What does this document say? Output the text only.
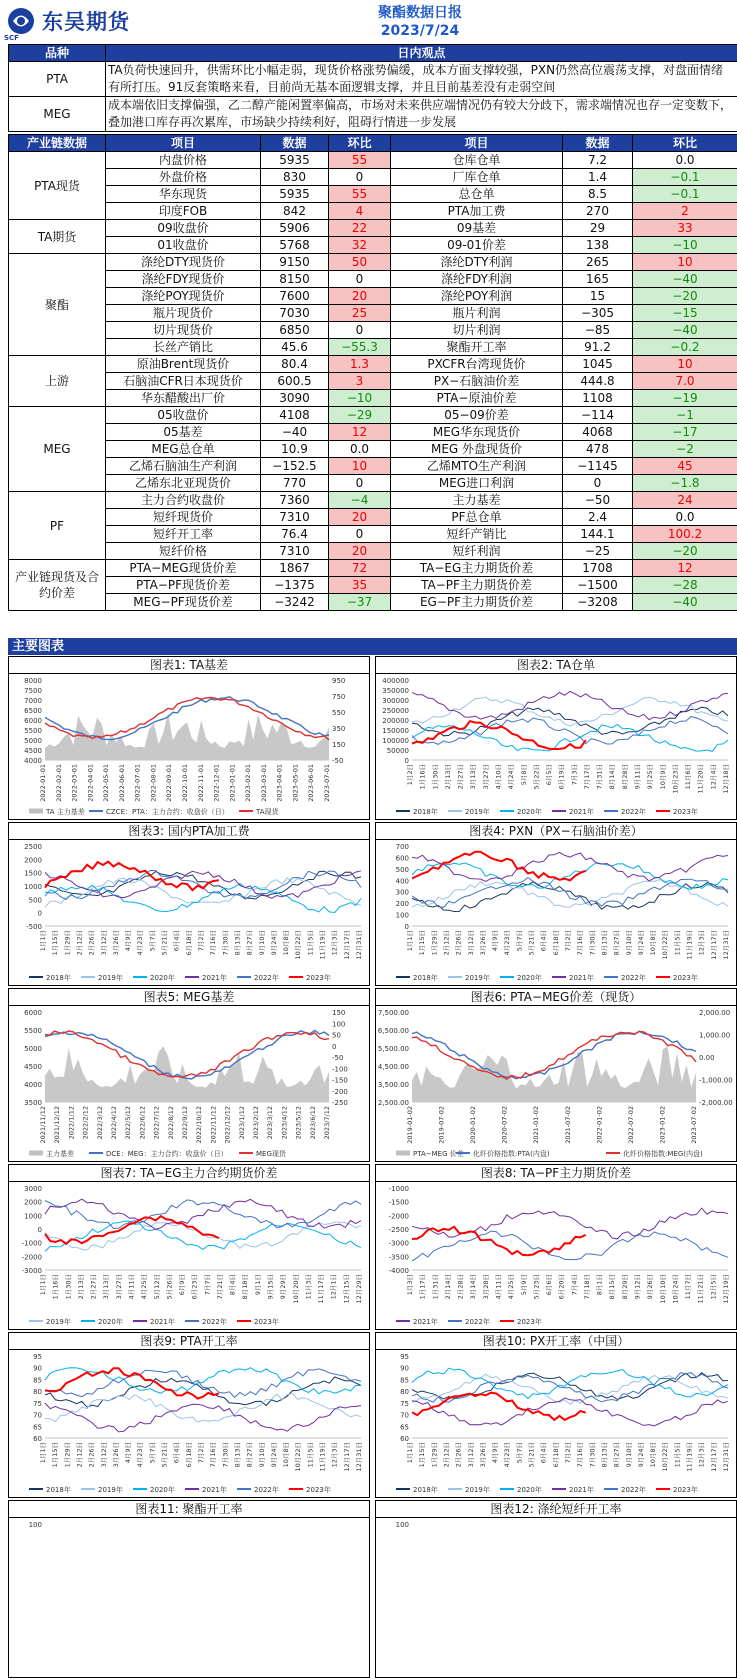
东吴期货
SCF
聚酯数据日报
2023/7/24
品种	日内观点
PTA	TA负荷快速回升，供需环比小幅走弱，现货价格涨势偏缓，成本方面支撑较强，PXN仍然高位震荡支撑，对盘面情绪有所打压。91反套策略来看，目前尚无基本面逻辑支撑，并且目前基差没有走弱空间
MEG	成本端依旧支撑偏强，乙二醇产能闲置率偏高，市场对未来供应端情况仍有较大分歧下，需求端情况也存一定变数下，叠加港口库存再次累库，市场缺少持续利好，阻碍行情进一步发展
产业链数据	项目	数据	环比	项目	数据	环比
PTA现货	内盘价格	5935	55	仓库仓单	7.2	0.0
	外盘价格	830	0	厂库仓单	1.4	−0.1
	华东现货	5935	55	总仓单	8.5	−0.1
	印度FOB	842	4	PTA加工费	270	2
TA期货	09收盘价	5906	22	09基差	29	33
	01收盘价	5768	32	09-01价差	138	−10
聚酯	涤纶DTY现货价	9150	50	涤纶DTY利润	265	10
	涤纶FDY现货价	8150	0	涤纶FDY利润	165	−40
	涤纶POY现货价	7600	20	涤纶POY利润	15	−20
	瓶片现货价	7030	25	瓶片利润	−305	−15
	切片现货价	6850	0	切片利润	−85	−40
	长丝产销比	45.6	−55.3	聚酯开工率	91.2	−0.2
上游	原油Brent现货价	80.4	1.3	PXCFR台湾现货价	1045	10
	石脑油CFR日本现货价	600.5	3	PX−石脑油价差	444.8	7.0
	华东醋酸出厂价	3090	−10	PTA−原油价差	1108	−19
MEG	05收盘价	4108	−29	05−09价差	−114	−1
	05基差	−40	12	MEG华东现货价	4068	−17
	MEG总仓单	10.9	0.0	MEG 外盘现货价	478	−2
	乙烯石脑油生产利润	−152.5	10	乙烯MTO生产利润	−1145	45
	乙烯东北亚现货价	770	0	MEG进口利润	0	−1.8
PF	主力合约收盘价	7360	−4	主力基差	−50	24
	短纤现货价	7310	20	PF总仓单	2.4	0.0
	短纤开工率	76.4	0	短纤产销比	144.1	100.2
	短纤价格	7310	20	短纤利润	−25	−20
产业链现货及合约价差	PTA−MEG现货价差	1867	72	TA−EG主力期货价差	1708	12
	PTA−PF现货价差	−1375	35	TA−PF主力期货价差	−1500	−28
	MEG−PF现货价差	−3242	−37	EG−PF主力期货价差	−3208	−40
主要图表
图表1: TA基差
8000
7500
7000
6500
6000
5500
5000
4500
4000
950
750
550
350
150
-50
2022-01-01 2022-02-01 2022-03-01 2022-04-01 2022-05-01 2022-06-01 2022-07-01 2022-08-01 2022-09-01 2022-10-01 2022-11-01 2022-12-01 2023-01-01 2023-02-01 2023-03-01 2023-04-01 2023-05-01 2023-06-01 2023-07-01
TA 主力基差	CZCE：PTA：主力合约：收盘价（日）	TA现货
图表2: TA仓单
400000
350000
300000
250000
200000
150000
100000
50000
0
1月2日 1月16日 1月30日 2月13日 2月27日 3月13日 3月27日 4月10日 4月24日 5月8日 5月22日 6月5日 6月19日 7月3日 7月17日 7月31日 8月14日 8月28日 9月11日 9月25日 10月9日 10月23日 11月6日 11月20日 12月4日 12月18日
2018年	2019年	2020年	2021年	2022年	2023年
图表3: 国内PTA加工费
2500
2000
1500
1000
500
0
-500
1月1日 1月15日 1月29日 2月12日 2月26日 3月12日 3月26日 4月9日 4月23日 5月7日 5月21日 6月4日 6月18日 7月2日 7月16日 7月30日 8月13日 8月27日 9月10日 9月24日 10月8日 10月22日 11月5日 11月19日 12月3日 12月17日 12月31日
2018年	2019年	2020年	2021年	2022年	2023年
图表4: PXN（PX−石脑油价差）
700
600
500
400
300
200
100
0
1月1日 1月15日 1月29日 2月12日 2月26日 3月12日 3月26日 4月9日 4月23日 5月7日 5月21日 6月4日 6月18日 7月2日 7月16日 7月30日 8月13日 8月27日 9月10日 9月24日 10月8日 10月22日 11月5日 11月19日 12月3日 12月17日 12月31日
2018年	2019年	2020年	2021年	2022年	2023年
图表5: MEG基差
6000
5500
5000
4500
4000
3500
150
100
50
0
-50
-100
-150
-200
-250
2021/11/12 2021/12/12 2022/1/12 2022/2/12 2022/3/12 2022/4/12 2022/5/12 2022/6/12 2022/7/12 2022/8/12 2022/9/12 2022/10/12 2022/11/12 2022/12/12 2023/1/12 2023/2/12 2023/3/12 2023/4/12 2023/5/12 2023/6/12 2023/7/12
主力基差	DCE：MEG：主力合约：收盘价（日）	MEG现货
图表6: PTA−MEG价差（现货）
7,500.00
6,500.00
5,500.00
4,500.00
3,500.00
2,500.00
2,000.00
1,000.00
0.00
-1,000.00
-2,000.00
2019-01-02	2019-07-02	2020-01-02	2020-07-02	2021-01-02	2021-07-02	2022-01-02	2022-07-02	2023-01-02	2023-07-02
PTA−MEG 价差 化纤价格指数:PTA(内盘)	化纤价格指数:MEG(内盘)
图表7: TA−EG主力合约期货价差
3000
2000
1000
0
-1000
-2000
-3000
1月1日 1月16日 1月30日 2月13日 2月27日 3月13日 3月27日 4月11日 4月25日 5月12日 5月26日 6月9日 6月23日 7月7日 7月21日 8月4日 8月18日 9月1日 9月15日 9月29日 10月20日 11月3日 11月17日 12月1日 12月15日 12月29日
2019年	2020年	2021年	2022年	2023年
图表8: TA−PF主力期货价差
-1000
-1500
-2000
-2500
-3000
-3500
-4000
1月3日 1月17日 1月31日 2月14日 2月28日 3月14日 3月28日 4月11日 4月25日 5月9日 5月23日 6月6日 6月20日 7月4日 7月18日 8月1日 8月15日 8月29日 9月12日 9月26日 10月10日 10月24日 11月7日 11月21日 12月5日 12月19日
2021年	2022年	2023年
图表9: PTA开工率
95
90
85
80
75
70
65
60
1月1日 1月15日 1月29日 2月12日 2月26日 3月12日 3月26日 4月9日 4月23日 5月7日 5月21日 6月4日 6月18日 7月2日 7月16日 7月30日 8月13日 8月27日 9月10日 9月24日 10月8日 10月22日 11月5日 11月19日 12月3日 12月17日 12月31日
2018年	2019年	2020年	2021年	2022年	2023年
图表10: PX开工率（中国）
95
90
85
80
75
70
65
60
1月1日 1月15日 1月29日 2月12日 2月26日 3月12日 3月26日 4月9日 4月23日 5月7日 5月21日 6月4日 6月18日 7月2日 7月16日 7月30日 8月13日 8月27日 9月10日 9月24日 10月8日 10月22日 11月5日 11月19日 12月3日 12月17日 12月31日
2018年	2019年	2020年	2021年	2022年	2023年
图表11: 聚酯开工率
100
图表12: 涤纶短纤开工率
100
